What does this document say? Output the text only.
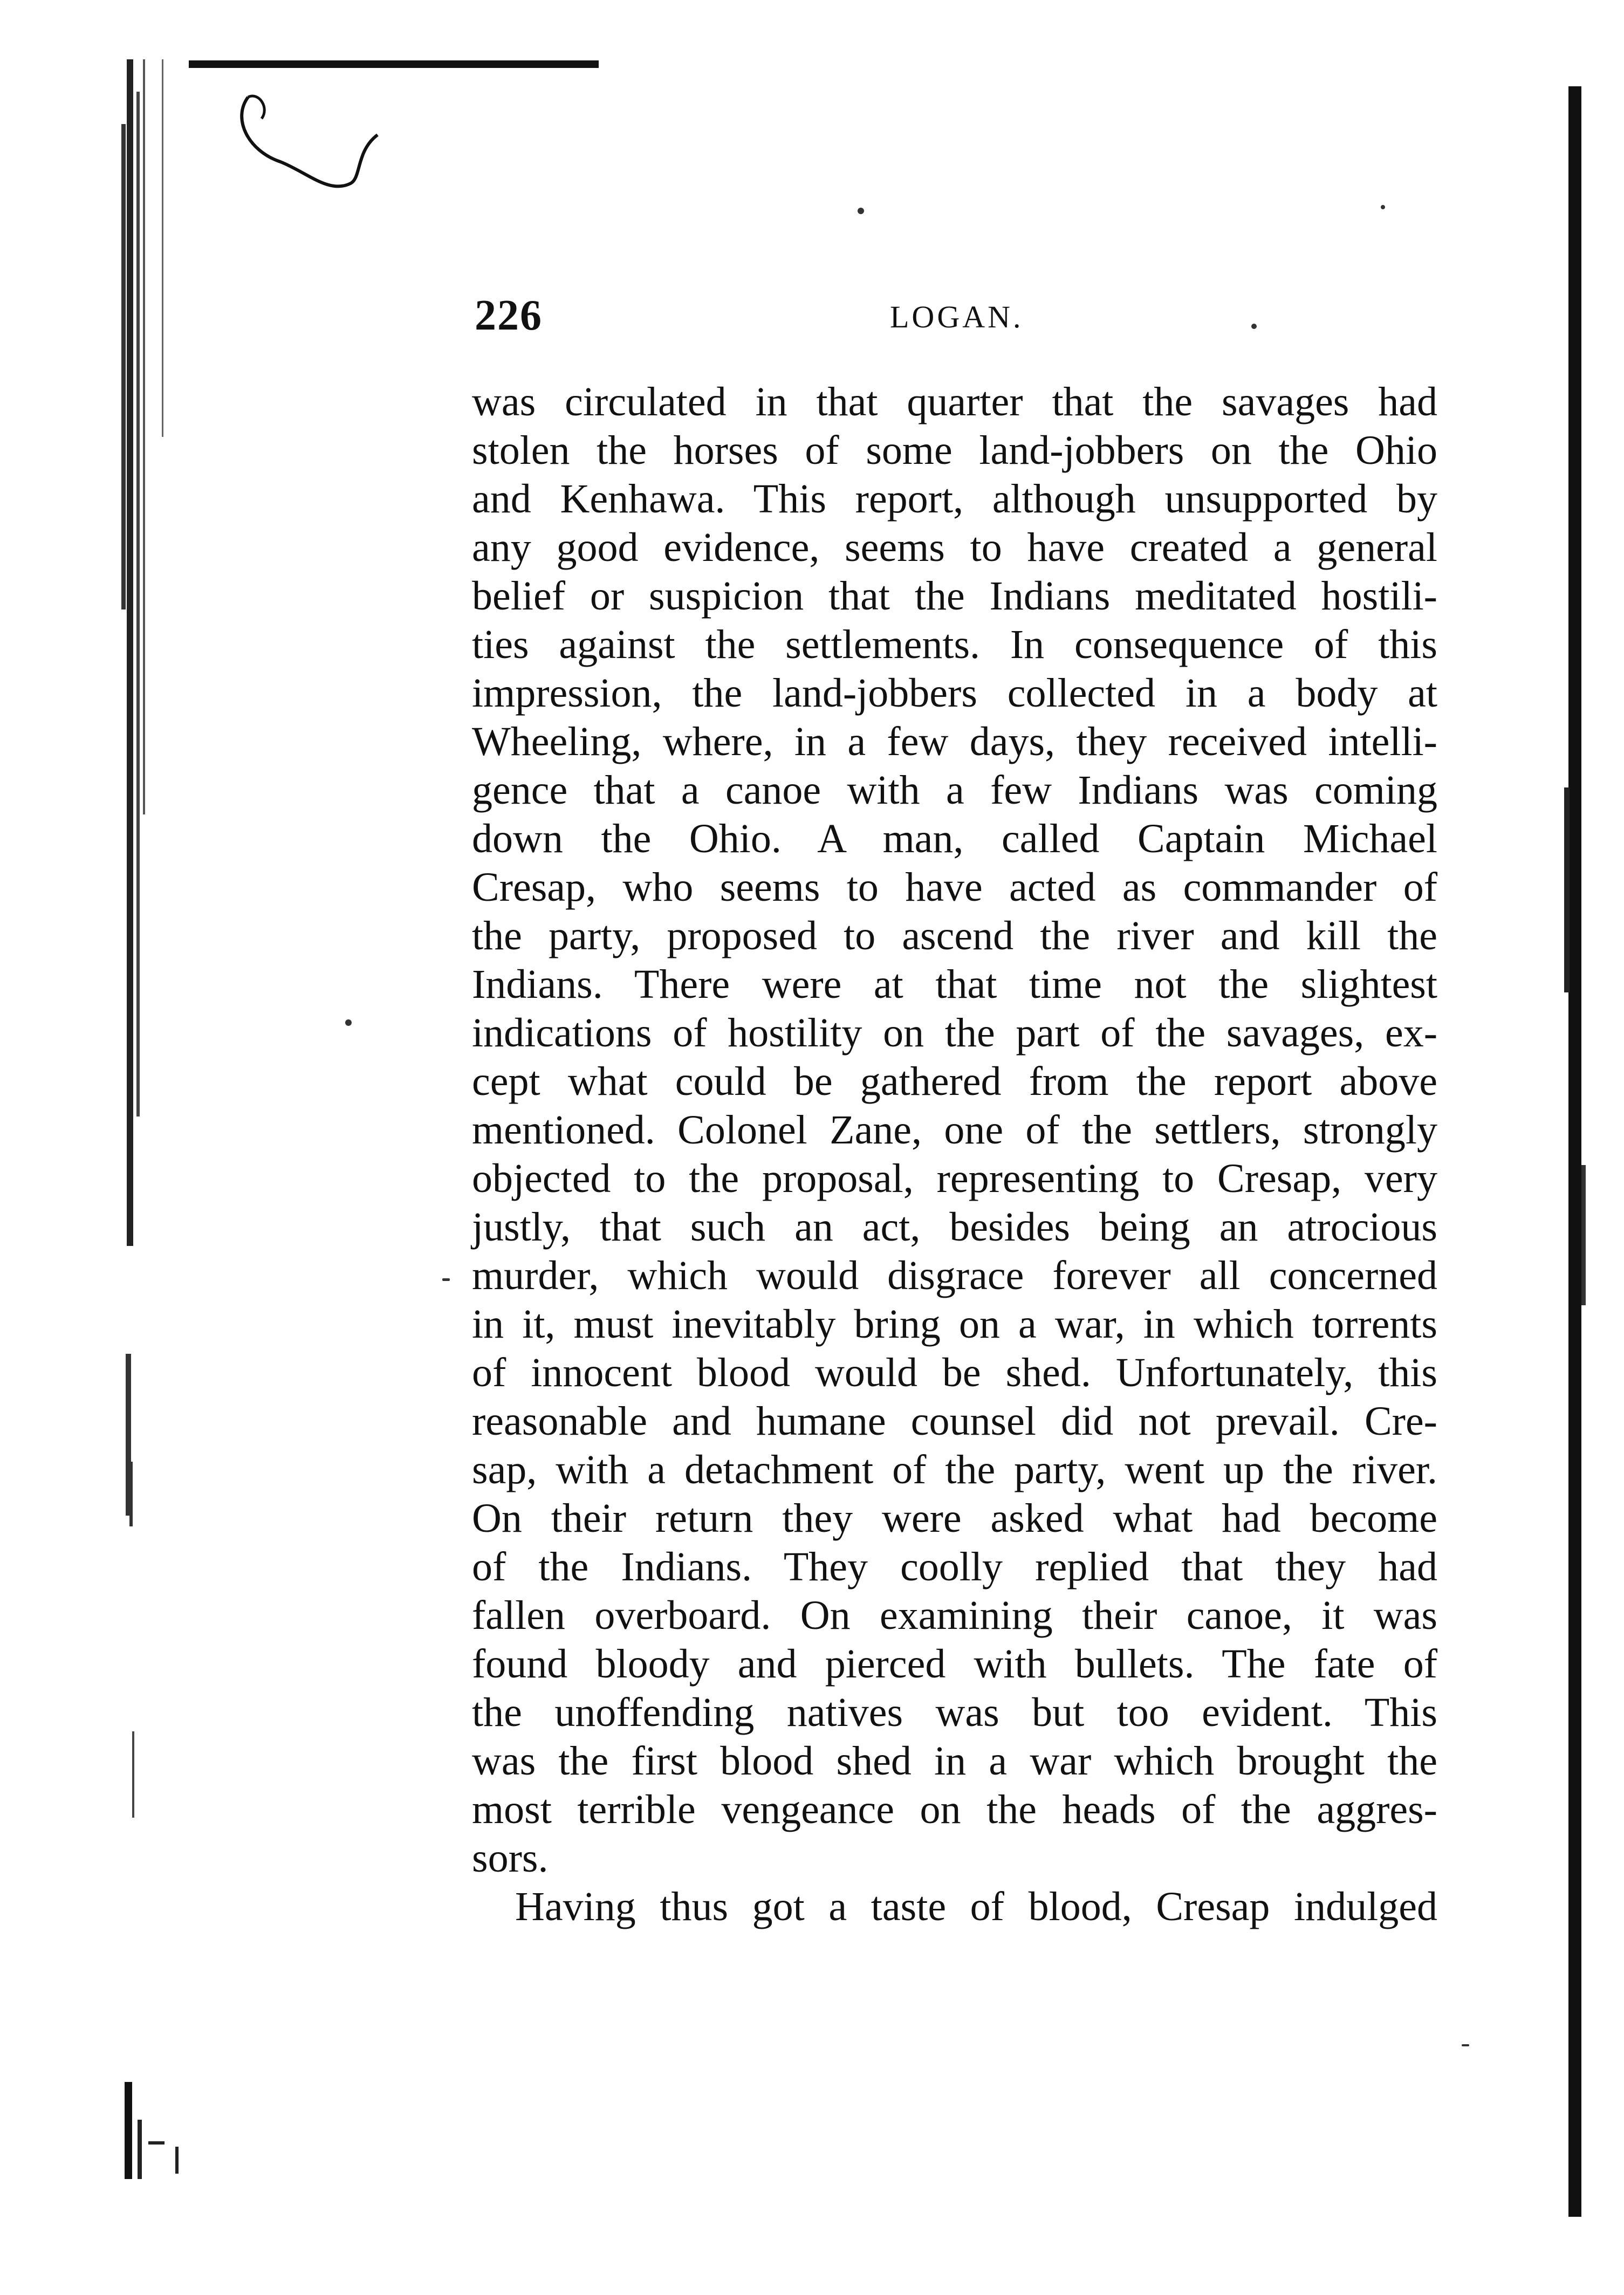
226	LOGAN.
was circulated in that quarter that the savages had
stolen the horses of some land-jobbers on the Ohio
and Kenhawa. This report, although unsupported by
any good evidence, seems to have created a general
belief or suspicion that the Indians meditated hostili-
ties against the settlements. In consequence of this
impression, the land-jobbers collected in a body at
Wheeling, where, in a few days, they received intelli-
gence that a canoe with a few Indians was coming
down the Ohio. A man, called Captain Michael
Cresap, who seems to have acted as commander of
the party, proposed to ascend the river and kill the
Indians. There were at that time not the slightest
indications of hostility on the part of the savages, ex-
cept what could be gathered from the report above
mentioned. Colonel Zane, one of the settlers, strongly
objected to the proposal, representing to Cresap, very
justly, that such an act, besides being an atrocious
murder, which would disgrace forever all concerned
in it, must inevitably bring on a war, in which torrents
of innocent blood would be shed. Unfortunately, this
reasonable and humane counsel did not prevail. Cre-
sap, with a detachment of the party, went up the river.
On their return they were asked what had become
of the Indians. They coolly replied that they had
fallen overboard. On examining their canoe, it was
found bloody and pierced with bullets. The fate of
the unoffending natives was but too evident. This
was the first blood shed in a war which brought the
most terrible vengeance on the heads of the aggres-
sors.
Having thus got a taste of blood, Cresap indulged
